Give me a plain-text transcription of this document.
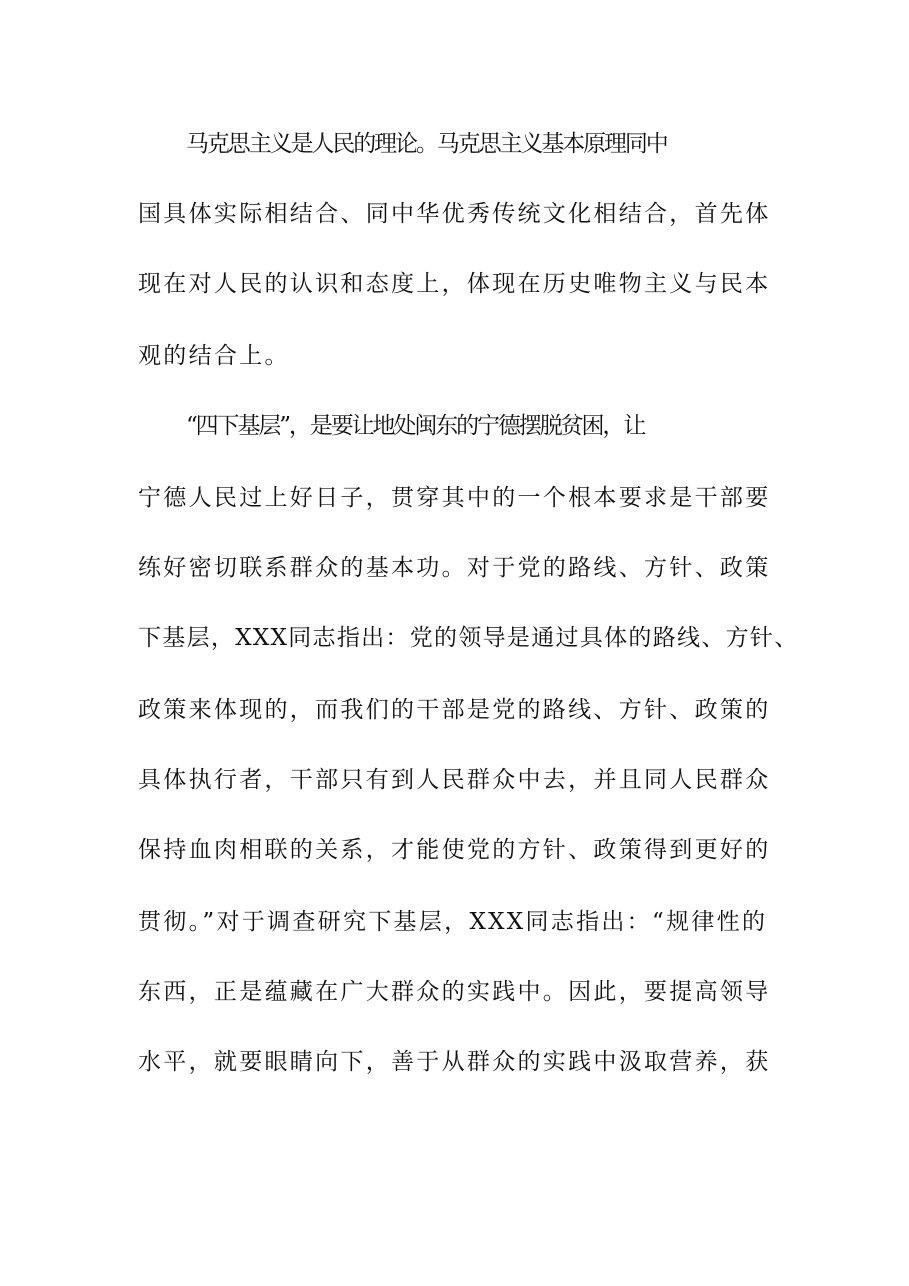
马克思主义是人民的理论。马克思主义基本原理同中
国具体实际相结合、同中华优秀传统文化相结合，首先体
现在对人民的认识和态度上，体现在历史唯物主义与民本
观的结合上。
“四下基层”，是要让地处闽东的宁德摆脱贫困，让
宁德人民过上好日子，贯穿其中的一个根本要求是干部要
练好密切联系群众的基本功。对于党的路线、方针、政策
下基层，XXX同志指出：党的领导是通过具体的路线、方针、
政策来体现的，而我们的干部是党的路线、方针、政策的
具体执行者，干部只有到人民群众中去，并且同人民群众
保持血肉相联的关系，才能使党的方针、政策得到更好的
贯彻。”对于调查研究下基层，XXX同志指出：“规律性的
东西，正是蕴藏在广大群众的实践中。因此，要提高领导
水平，就要眼睛向下，善于从群众的实践中汲取营养，获
